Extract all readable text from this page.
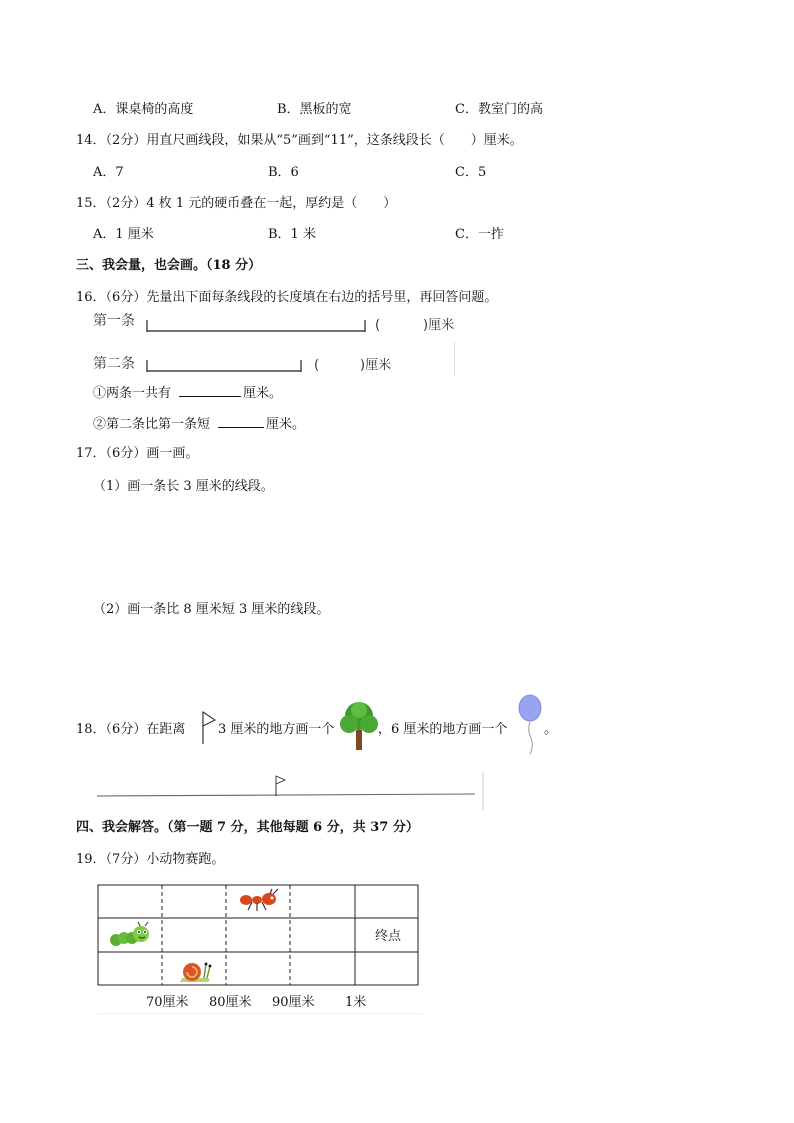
A．课桌椅的高度	B．黑板的宽	C．教室门的高
14．（2分）用直尺画线段，如果从“5”画到“11”，这条线段长（　　）厘米。
A．7	B．6	C．5
15．（2分）4 枚 1 元的硬币叠在一起，厚约是（　　）
A．1 厘米	B．1 米	C．一拃
三、我会量，也会画。（18 分）
16．（6分）先量出下面每条线段的长度填在右边的括号里，再回答问题。
第一条	(	)厘米
第二条	(	)厘米
①两条一共有	厘米。
②第二条比第一条短	厘米。
17．（6分）画一画。
（1）画一条长 3 厘米的线段。
（2）画一条比 8 厘米短 3 厘米的线段。
18．（6分）在距离	3 厘米的地方画一个	，6 厘米的地方画一个	。
四、我会解答。（第一题 7 分，其他每题 6 分，共 37 分）
19．（7分）小动物赛跑。
终点
70厘米 80厘米 90厘米 1米
